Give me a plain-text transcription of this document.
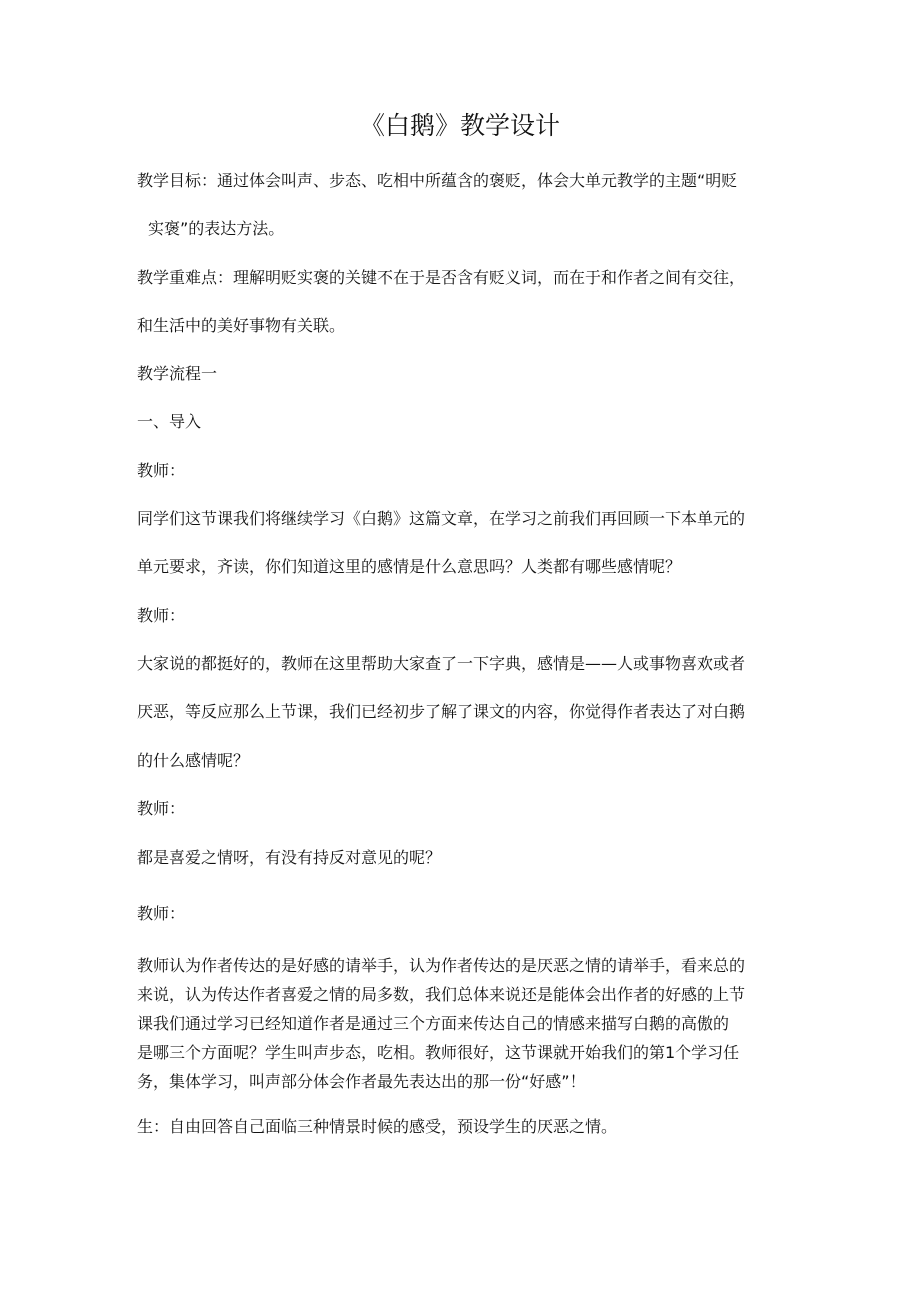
《白鹅》教学设计

教学目标：通过体会叫声、步态、吃相中所蕴含的褒贬，体会大单元教学的主题“明贬

实褒”的表达方法。

教学重难点：理解明贬实褒的关键不在于是否含有贬义词，而在于和作者之间有交往，

和生活中的美好事物有关联。

教学流程一

一、导入

教师：

同学们这节课我们将继续学习《白鹅》这篇文章，在学习之前我们再回顾一下本单元的

单元要求，齐读，你们知道这里的感情是什么意思吗？人类都有哪些感情呢？

教师：

大家说的都挺好的，教师在这里帮助大家查了一下字典，感情是——人或事物喜欢或者

厌恶，等反应那么上节课，我们已经初步了解了课文的内容，你觉得作者表达了对白鹅

的什么感情呢？

教师：

都是喜爱之情呀，有没有持反对意见的呢？

教师：

教师认为作者传达的是好感的请举手，认为作者传达的是厌恶之情的请举手，看来总的

来说，认为传达作者喜爱之情的局多数，我们总体来说还是能体会出作者的好感的上节

课我们通过学习已经知道作者是通过三个方面来传达自己的情感来描写白鹅的高傲的

是哪三个方面呢？学生叫声步态，吃相。教师很好，这节课就开始我们的第1个学习任

务，集体学习，叫声部分体会作者最先表达出的那一份“好感”！

生：自由回答自己面临三种情景时候的感受，预设学生的厌恶之情。
